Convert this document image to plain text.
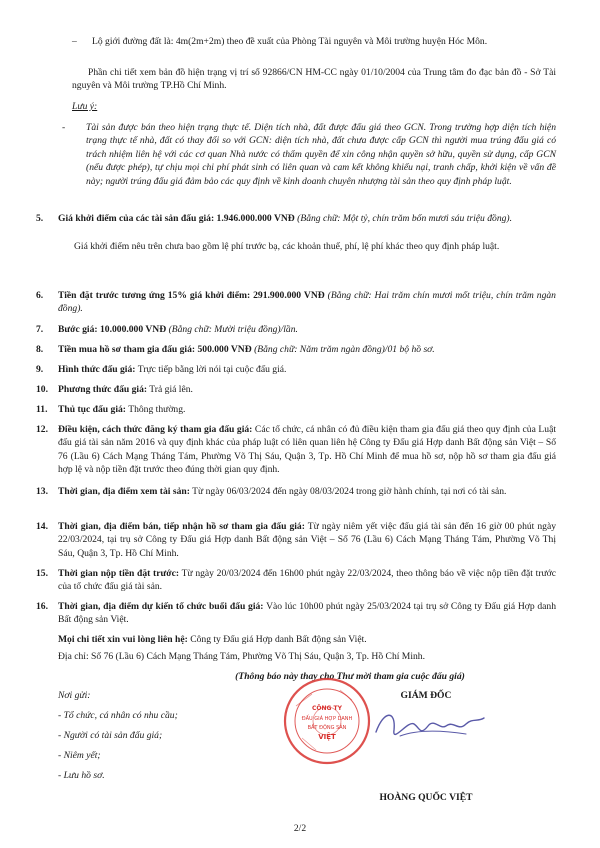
– Lộ giới đường đất là: 4m(2m+2m) theo đề xuất của Phòng Tài nguyên và Môi trường huyện Hóc Môn.
Phần chi tiết xem bản đồ hiện trạng vị trí số 92866/CN HM-CC ngày 01/10/2004 của Trung tâm đo đạc bản đồ - Sở Tài nguyên và Môi trường TP.Hồ Chí Minh.
Lưu ý:
- Tài sản được bán theo hiện trạng thực tế. Diện tích nhà, đất được đấu giá theo GCN. Trong trường hợp diện tích hiện trạng thực tế nhà, đất có thay đổi so với GCN: diện tích nhà, đất chưa được cấp GCN thì người mua trúng đấu giá có trách nhiệm liên hệ với các cơ quan Nhà nước có thẩm quyền để xin công nhận quyền sở hữu, quyền sử dụng, cấp GCN (nếu được phép), tự chịu mọi chi phí phát sinh có liên quan và cam kết không khiếu nại, tranh chấp, khởi kiện về vấn đề này; người trúng đấu giá đảm bảo các quy định về kinh doanh chuyên nhượng tài sản theo quy định pháp luật.
5. Giá khởi điểm của các tài sản đấu giá: 1.946.000.000 VNĐ (Bằng chữ: Một tỷ, chín trăm bốn mươi sáu triệu đồng).
Giá khởi điểm nêu trên chưa bao gồm lệ phí trước bạ, các khoản thuế, phí, lệ phí khác theo quy định pháp luật.
6. Tiền đặt trước tương ứng 15% giá khởi điểm: 291.900.000 VNĐ (Bằng chữ: Hai trăm chín mươi mốt triệu, chín trăm ngàn đồng).
7. Bước giá: 10.000.000 VNĐ (Bằng chữ: Mười triệu đồng)/lần.
8. Tiền mua hồ sơ tham gia đấu giá: 500.000 VNĐ (Bằng chữ: Năm trăm ngàn đồng)/01 bộ hồ sơ.
9. Hình thức đấu giá: Trực tiếp bằng lời nói tại cuộc đấu giá.
10. Phương thức đấu giá: Trả giá lên.
11. Thủ tục đấu giá: Thông thường.
12. Điều kiện, cách thức đăng ký tham gia đấu giá: Các tổ chức, cá nhân có đủ điều kiện tham gia đấu giá theo quy định của Luật đấu giá tài sản năm 2016 và quy định khác của pháp luật có liên quan liên hệ Công ty Đấu giá Hợp danh Bất động sản Việt – Số 76 (Lầu 6) Cách Mạng Tháng Tám, Phường Võ Thị Sáu, Quận 3, Tp. Hồ Chí Minh để mua hồ sơ, nộp hồ sơ tham gia đấu giá hợp lệ và nộp tiền đặt trước theo đúng thời gian quy định.
13. Thời gian, địa điểm xem tài sản: Từ ngày 06/03/2024 đến ngày 08/03/2024 trong giờ hành chính, tại nơi có tài sản.
14. Thời gian, địa điểm bán, tiếp nhận hồ sơ tham gia đấu giá: Từ ngày niêm yết việc đấu giá tài sản đến 16 giờ 00 phút ngày 22/03/2024, tại trụ sở Công ty Đấu giá Hợp danh Bất động sản Việt – Số 76 (Lầu 6) Cách Mạng Tháng Tám, Phường Võ Thị Sáu, Quận 3, Tp. Hồ Chí Minh.
15. Thời gian nộp tiền đặt trước: Từ ngày 20/03/2024 đến 16h00 phút ngày 22/03/2024, theo thông báo về việc nộp tiền đặt trước của tổ chức đấu giá tài sản.
16. Thời gian, địa điểm dự kiến tổ chức buổi đấu giá: Vào lúc 10h00 phút ngày 25/03/2024 tại trụ sở Công ty Đấu giá Hợp danh Bất động sản Việt.
Mọi chi tiết xin vui lòng liên hệ: Công ty Đấu giá Hợp danh Bất động sản Việt.
Địa chỉ: Số 76 (Lầu 6) Cách Mạng Tháng Tám, Phường Võ Thị Sáu, Quận 3, Tp. Hồ Chí Minh.
(Thông báo này thay cho Thư mời tham gia cuộc đấu giá)
Nơi gửi:
- Tổ chức, cá nhân có nhu cầu;
- Người có tài sản đấu giá;
- Niêm yết;
- Lưu hồ sơ.
GIÁM ĐỐC
CÔNG TY
ĐẤU GIÁ HỢP DANH
BẤT ĐỘNG SẢN
VIỆT
HOÀNG QUỐC VIỆT
2/2
